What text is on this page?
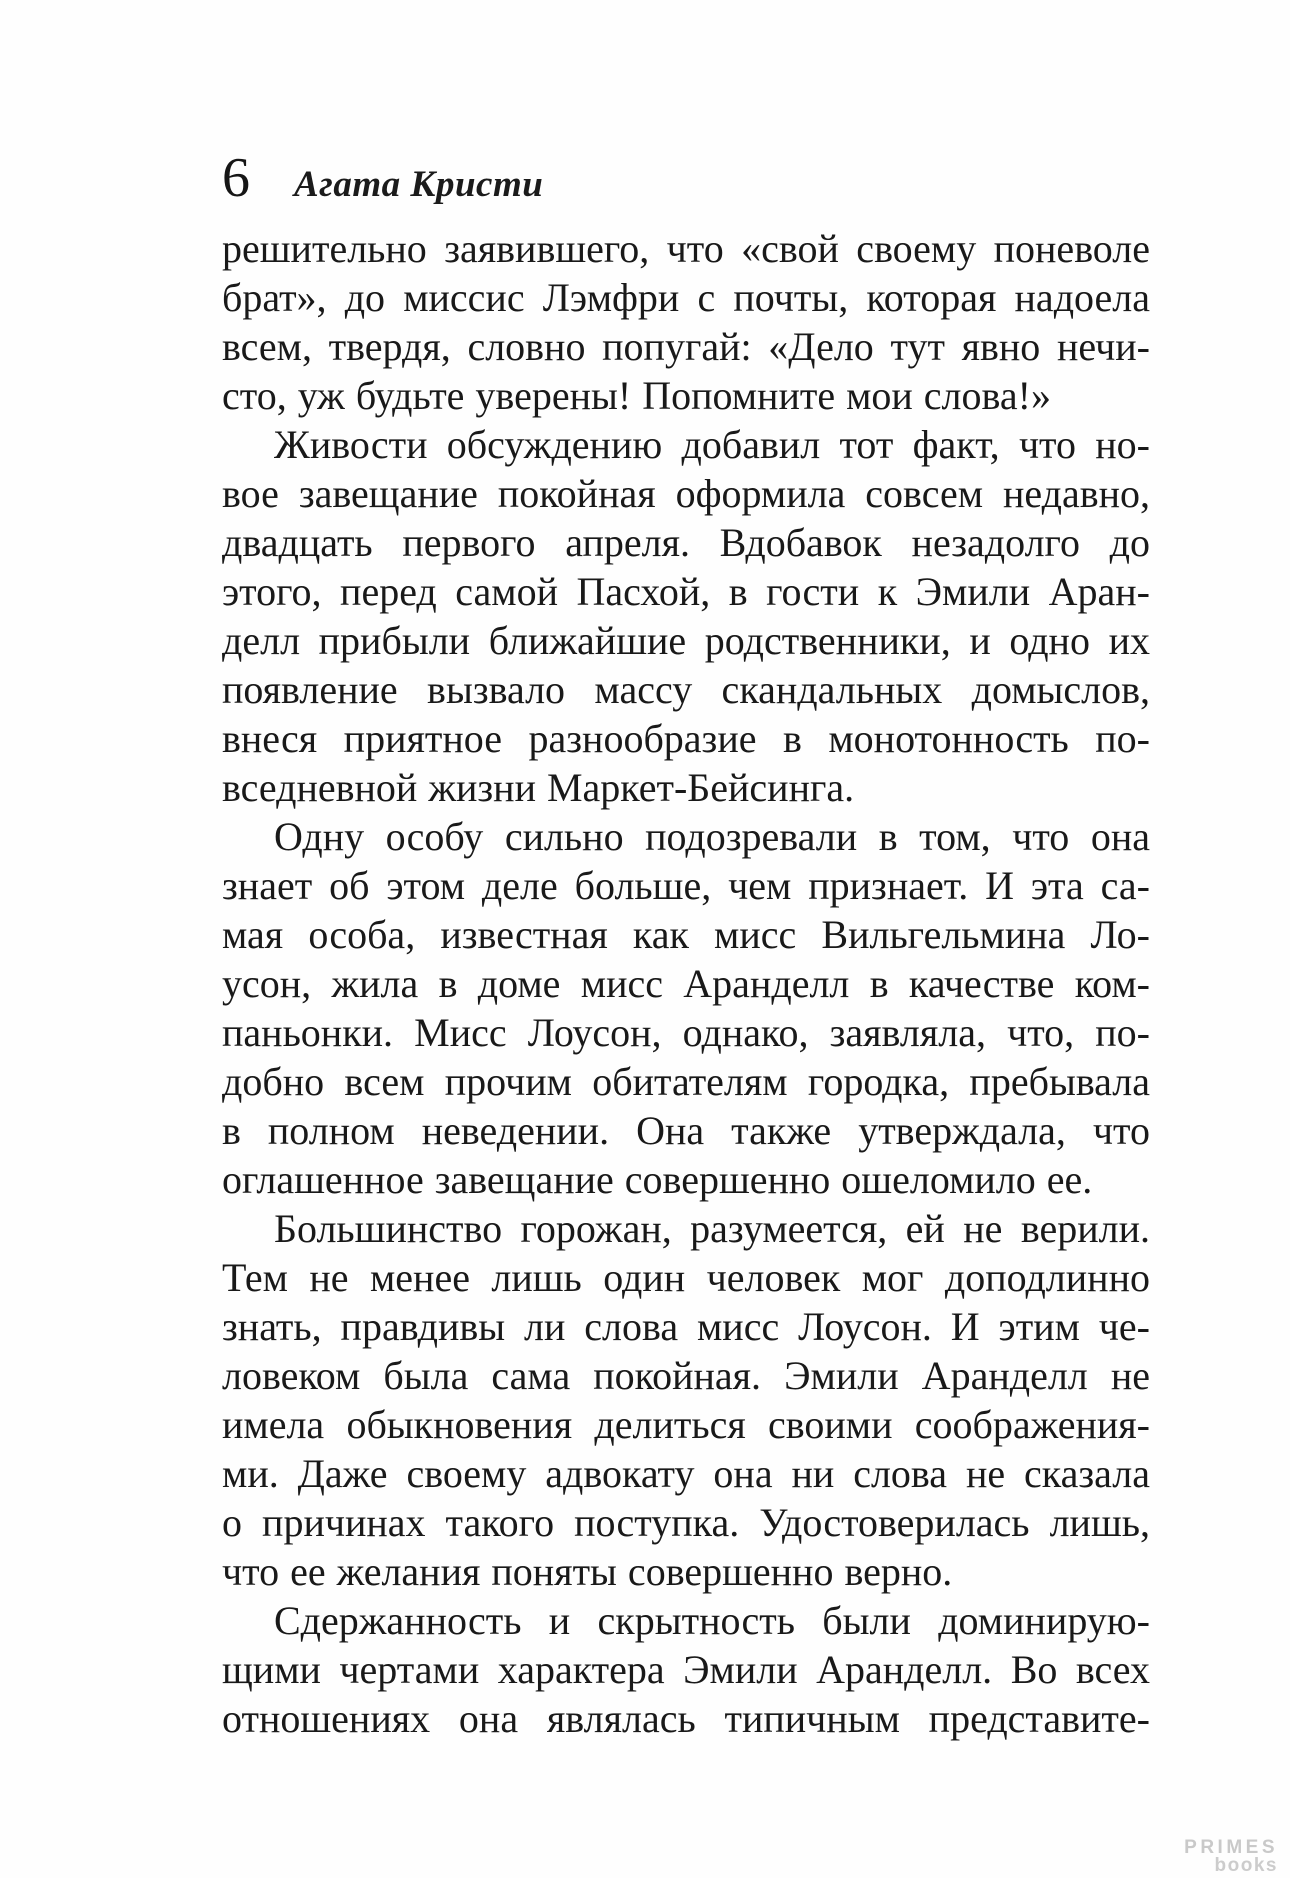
6 Агата Кристи
решительно заявившего, что «свой своему поневоле
брат», до миссис Лэмфри с почты, которая надоела
всем, твердя, словно попугай: «Дело тут явно нечи-
сто, уж будьте уверены! Попомните мои слова!»
Живости обсуждению добавил тот факт, что но-
вое завещание покойная оформила совсем недавно,
двадцать первого апреля. Вдобавок незадолго до
этого, перед самой Пасхой, в гости к Эмили Аран-
делл прибыли ближайшие родственники, и одно их
появление вызвало массу скандальных домыслов,
внеся приятное разнообразие в монотонность по-
вседневной жизни Маркет-Бейсинга.
Одну особу сильно подозревали в том, что она
знает об этом деле больше, чем признает. И эта са-
мая особа, известная как мисс Вильгельмина Ло-
усон, жила в доме мисс Аранделл в качестве ком-
паньонки. Мисс Лоусон, однако, заявляла, что, по-
добно всем прочим обитателям городка, пребывала
в полном неведении. Она также утверждала, что
оглашенное завещание совершенно ошеломило ее.
Большинство горожан, разумеется, ей не верили.
Тем не менее лишь один человек мог доподлинно
знать, правдивы ли слова мисс Лоусон. И этим че-
ловеком была сама покойная. Эмили Аранделл не
имела обыкновения делиться своими соображения-
ми. Даже своему адвокату она ни слова не сказала
о причинах такого поступка. Удостоверилась лишь,
что ее желания поняты совершенно верно.
Сдержанность и скрытность были доминирую-
щими чертами характера Эмили Аранделл. Во всех
отношениях она являлась типичным представите-
PRIMES
books
